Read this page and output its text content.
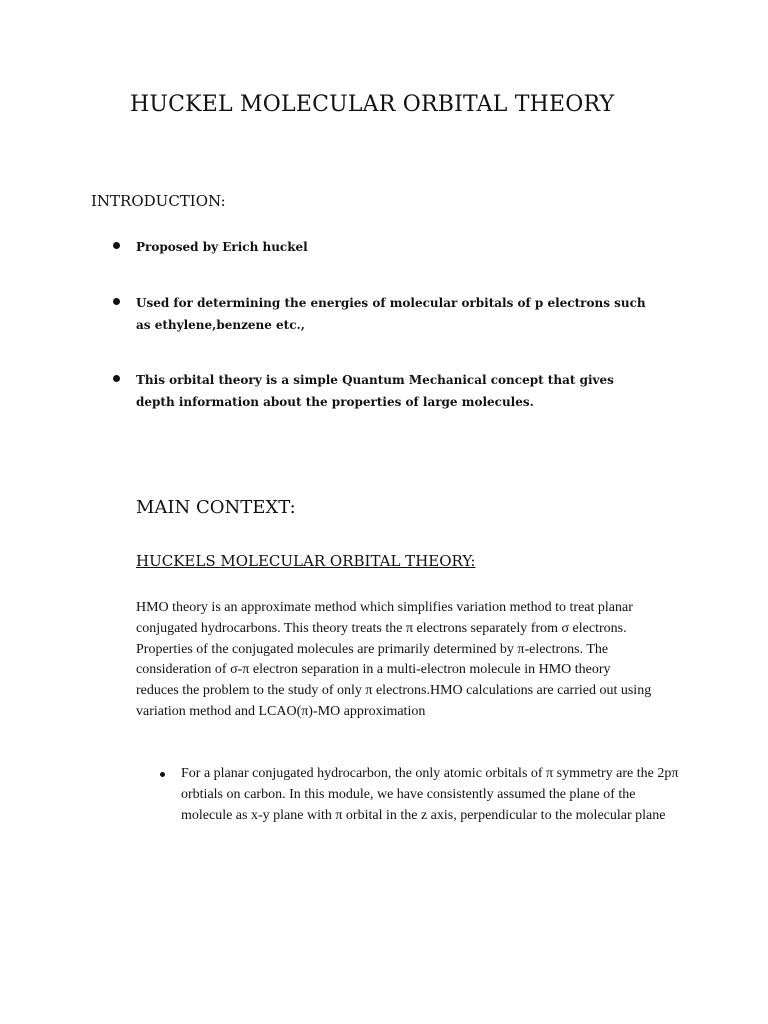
HUCKEL MOLECULAR ORBITAL THEORY
INTRODUCTION:
Proposed by Erich huckel
Used for determining the energies of molecular orbitals of p electrons such as ethylene,benzene etc.,
This orbital theory is a simple Quantum Mechanical concept that gives depth information about the properties of large molecules.
MAIN CONTEXT:
HUCKELS MOLECULAR ORBITAL THEORY:

HMO theory is an approximate method which simplifies variation method to treat planar conjugated hydrocarbons. This theory treats the π electrons separately from σ electrons. Properties of the conjugated molecules are primarily determined by π-electrons. The consideration of σ-π electron separation in a multi-electron molecule in HMO theory reduces the problem to the study of only π electrons.HMO calculations are carried out using variation method and LCAO(π)-MO approximation

For a planar conjugated hydrocarbon, the only atomic orbitals of π symmetry are the 2pπ orbtials on carbon. In this module, we have consistently assumed the plane of the molecule as x-y plane with π orbital in the z axis, perpendicular to the molecular plane
